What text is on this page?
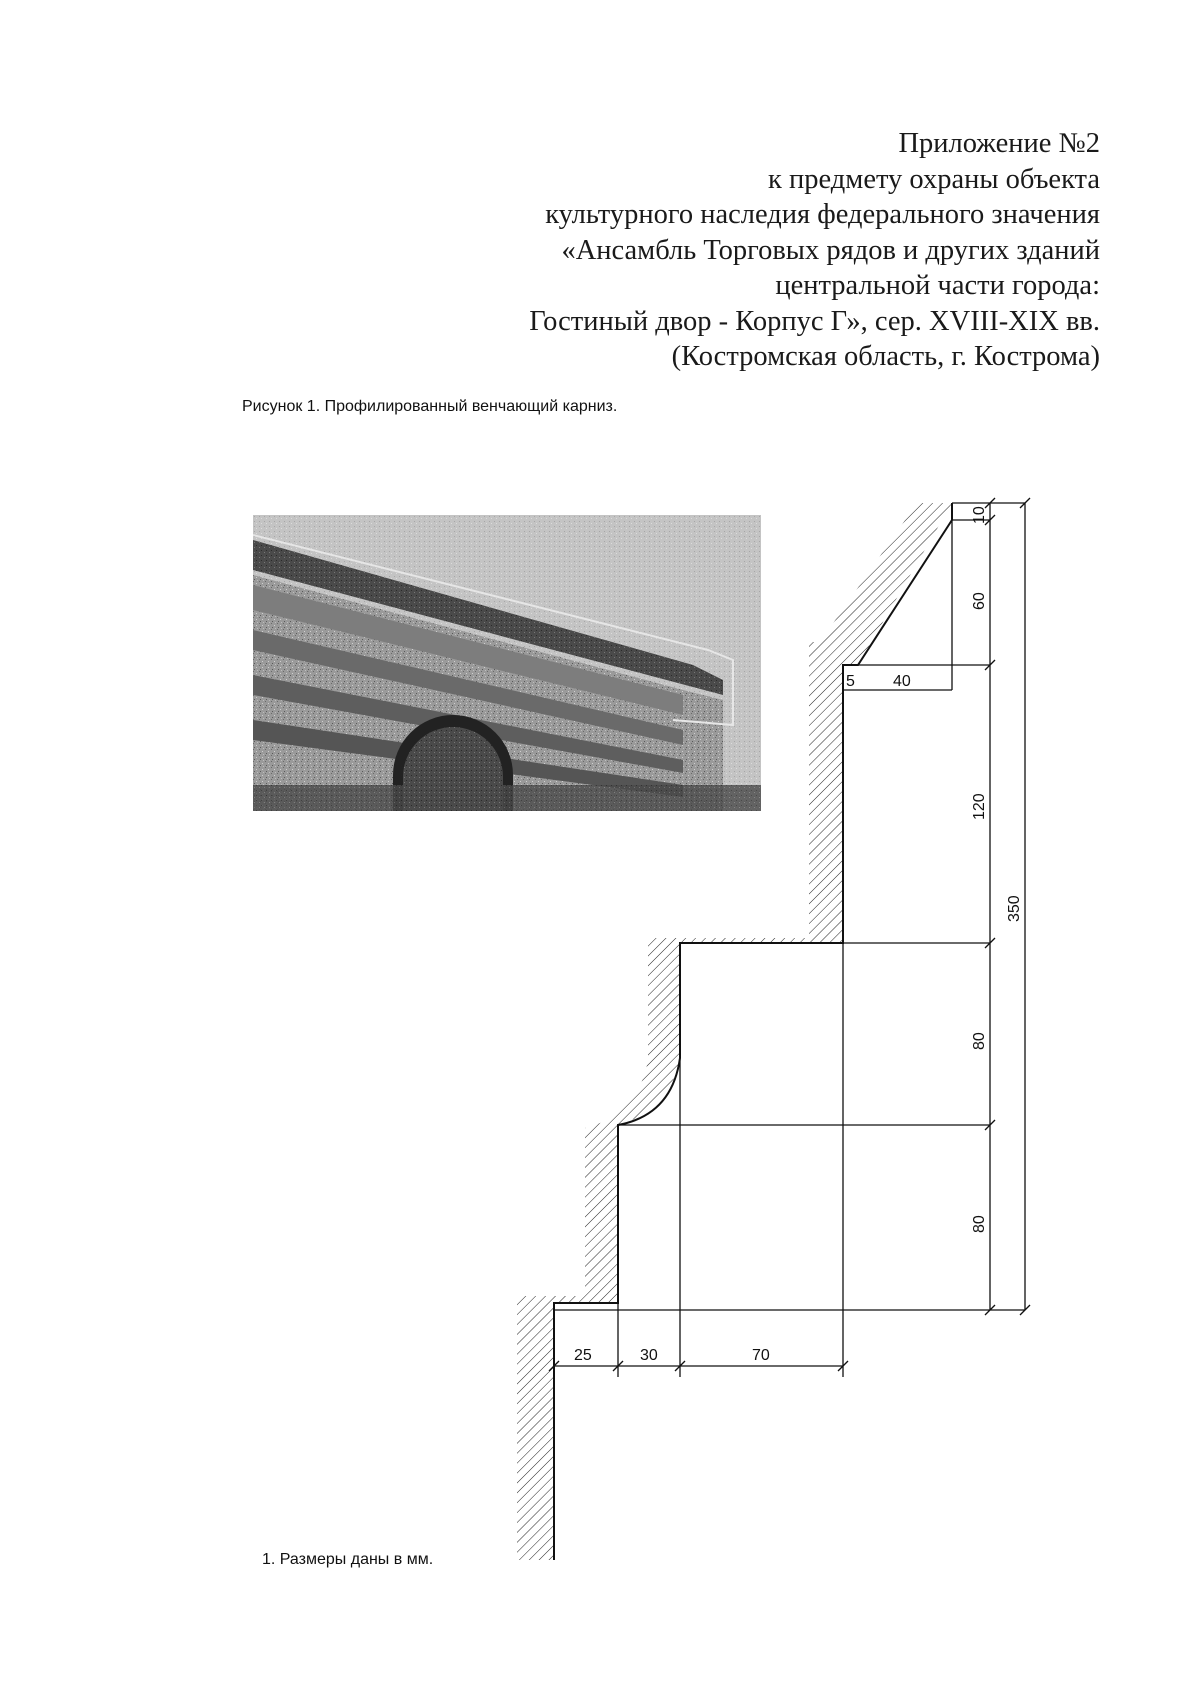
Приложение №2
к предмету охраны объекта
культурного наследия федерального значения
«Ансамбль Торговых рядов и других зданий
центральной части города:
Гостиный двор - Корпус Г», сер. XVIII-XIX вв.
(Костромская область, г. Кострома)
Рисунок 1. Профилированный венчающий карниз.
10
60
5 40
120
350
80
80
25	30	70
1. Размеры даны в мм.
